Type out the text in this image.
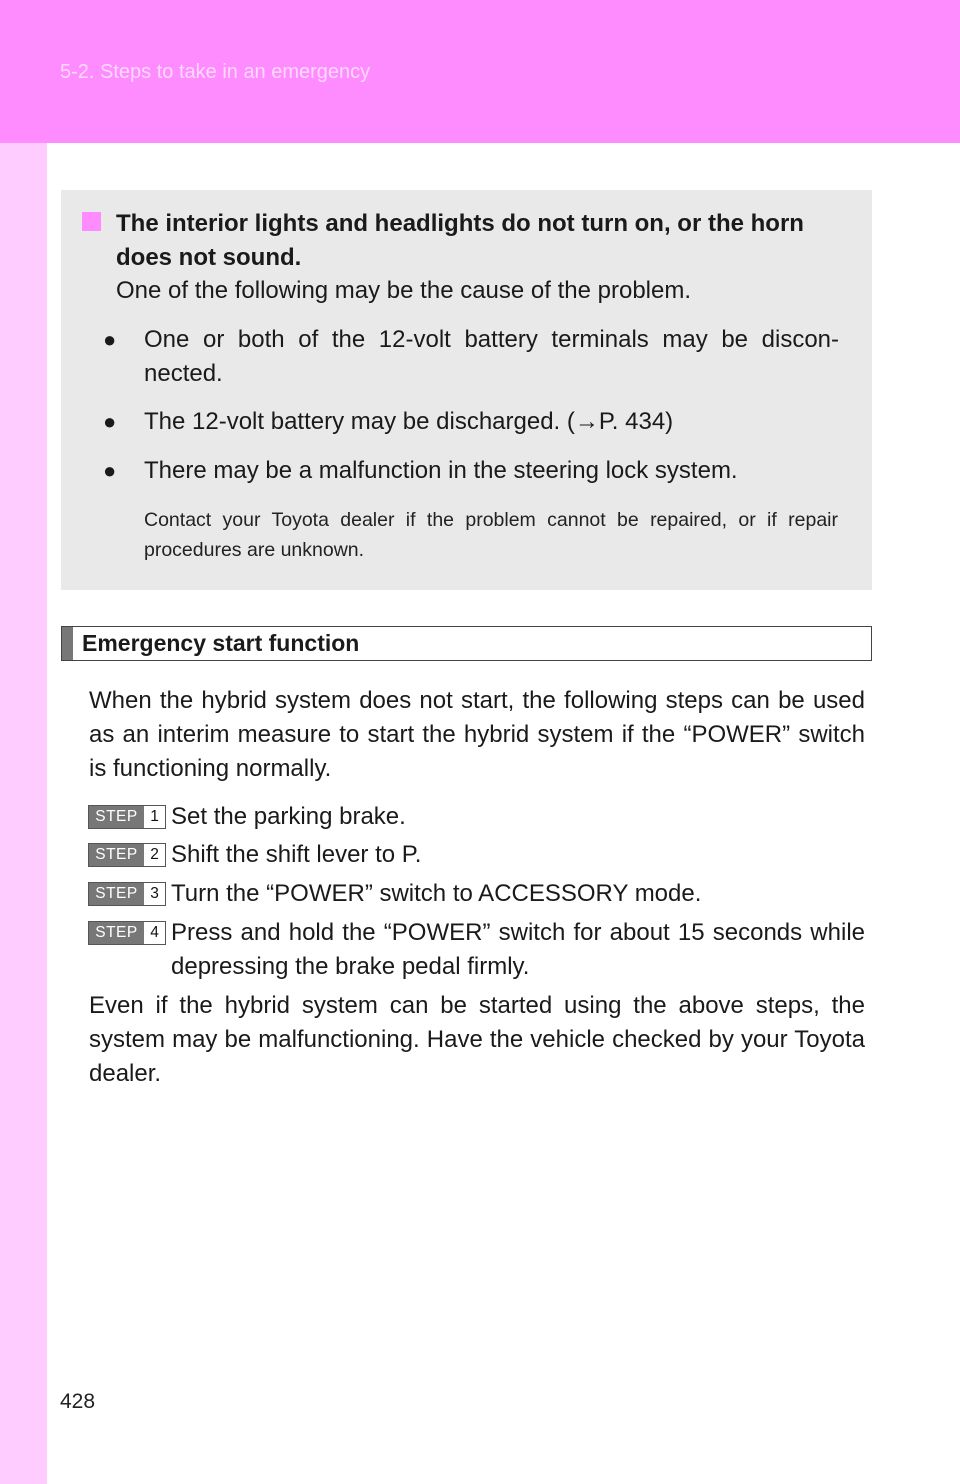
5-2. Steps to take in an emergency
The interior lights and headlights do not turn on, or the horn does not sound.
One of the following may be the cause of the problem.
● One or both of the 12-volt battery terminals may be discon-
nected.
● The 12-volt battery may be discharged. (→P. 434)
● There may be a malfunction in the steering lock system.
Contact your Toyota dealer if the problem cannot be repaired, or if repair procedures are unknown.
Emergency start function
When the hybrid system does not start, the following steps can be used as an interim measure to start the hybrid system if the “POWER” switch is functioning normally.
STEP 1 Set the parking brake.
STEP 2 Shift the shift lever to P.
STEP 3 Turn the “POWER” switch to ACCESSORY mode.
STEP 4 Press and hold the “POWER” switch for about 15 seconds while depressing the brake pedal firmly.
Even if the hybrid system can be started using the above steps, the system may be malfunctioning. Have the vehicle checked by your Toyota dealer.
428
